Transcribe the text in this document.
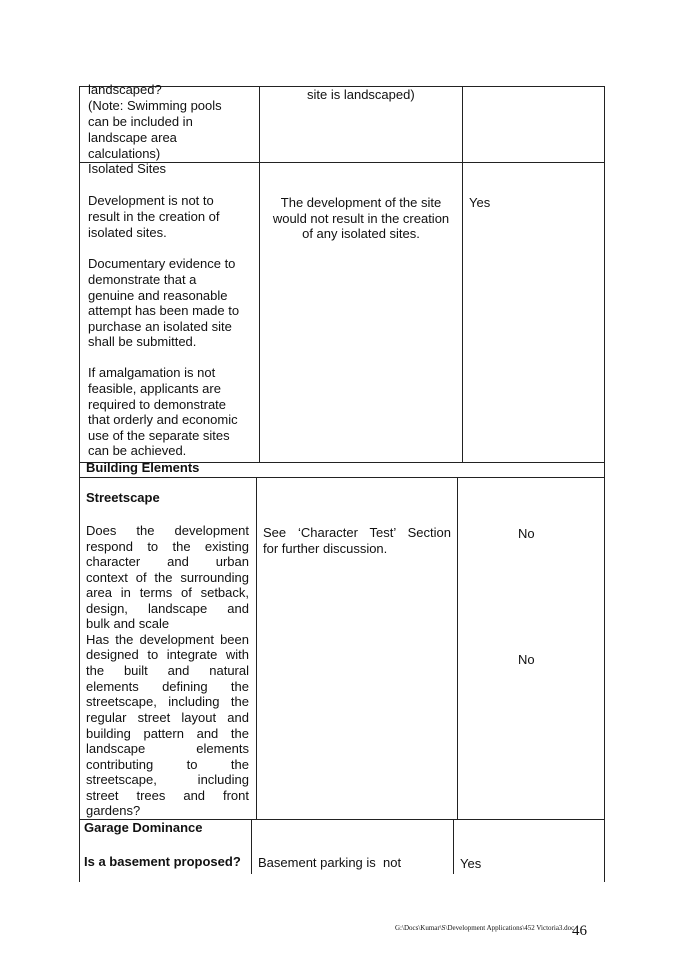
landscaped?
(Note: Swimming pools
can be included in
landscape area
calculations)
site is landscaped)
Isolated Sites
Development is not to
result in the creation of
isolated sites.
Documentary evidence to
demonstrate that a
genuine and reasonable
attempt has been made to
purchase an isolated site
shall be submitted.
If amalgamation is not
feasible, applicants are
required to demonstrate
that orderly and economic
use of the separate sites
can be achieved.
The development of the site
would not result in the creation
of any isolated sites.
Yes
Building Elements
Streetscape
Does the development
respond to the existing
character and urban
context of the surrounding
area in terms of setback,
design, landscape and
bulk and scale
Has the development been
designed to integrate with
the built and natural
elements defining the
streetscape, including the
regular street layout and
building pattern and the
landscape elements
contributing to the
streetscape, including
street trees and front
gardens?
See ‘Character Test’ Section
for further discussion.
No
No
Garage Dominance
Is a basement proposed? Basement parking is  not	Yes
G:\Docs\Kumar\S\Development Applications\452 Victoria3.doc
46
